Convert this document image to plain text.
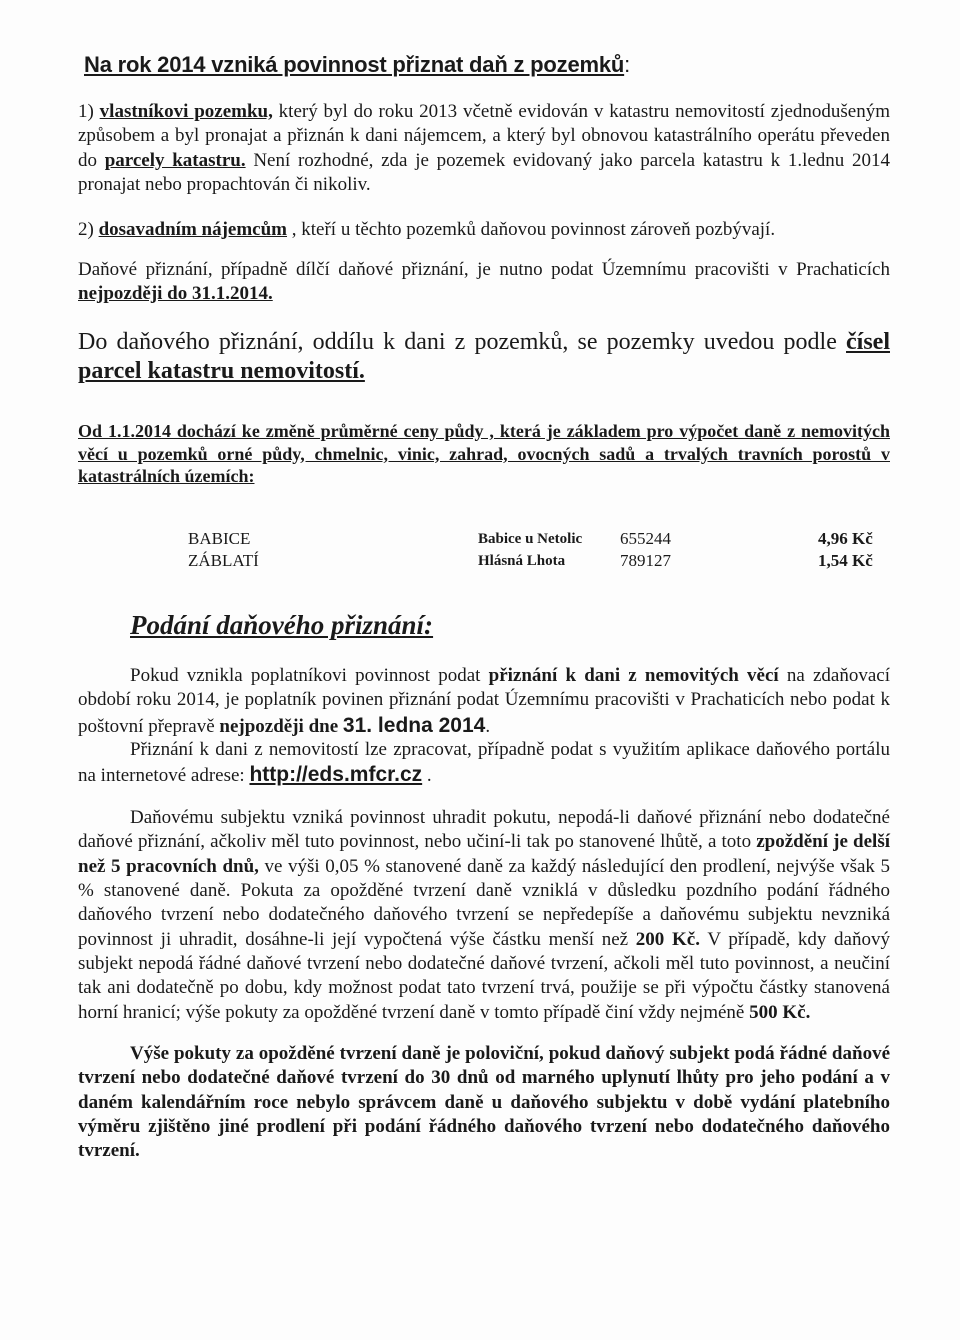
Na rok 2014 vzniká povinnost přiznat daň z pozemků:
1) vlastníkovi pozemku, který byl do roku 2013 včetně evidován v katastru nemovitostí zjednodušeným způsobem a byl pronajat a přiznán k dani nájemcem, a který byl obnovou katastrálního operátu převeden do parcely katastru. Není rozhodné, zda je pozemek evidovaný jako parcela katastru k 1.lednu 2014 pronajat nebo propachtován či nikoliv.
2) dosavadním nájemcům , kteří u těchto pozemků daňovou povinnost zároveň pozbývají.
Daňové přiznání, případně dílčí daňové přiznání, je nutno podat Územnímu pracovišti v Prachaticích nejpozději do 31.1.2014.
Do daňového přiznání, oddílu k dani z pozemků, se pozemky uvedou podle čísel parcel katastru nemovitostí.
Od 1.1.2014 dochází ke změně průměrné ceny půdy , která je základem pro výpočet daně z nemovitých věcí u pozemků orné půdy, chmelnic, vinic, zahrad, ovocných sadů a trvalých travních porostů v katastrálních územích:
BABICE	Babice u Netolic 655244	4,96 Kč
ZÁBLATÍ	Hlásná Lhota	789127	1,54 Kč
Podání daňového přiznání:
Pokud vznikla poplatníkovi povinnost podat přiznání k dani z nemovitých věcí na zdaňovací období roku 2014, je poplatník povinen přiznání podat Územnímu pracovišti v Prachaticích nebo podat k poštovní přepravě nejpozději dne 31. ledna 2014.
Přiznání k dani z nemovitostí lze zpracovat, případně podat s využitím aplikace daňového portálu na internetové adrese: http://eds.mfcr.cz .
Daňovému subjektu vzniká povinnost uhradit pokutu, nepodá-li daňové přiznání nebo dodatečné daňové přiznání, ačkoliv měl tuto povinnost, nebo učiní-li tak po stanovené lhůtě, a toto zpoždění je delší než 5 pracovních dnů, ve výši 0,05 % stanovené daně za každý následující den prodlení, nejvýše však 5 % stanovené daně. Pokuta za opožděné tvrzení daně vzniklá v důsledku pozdního podání řádného daňového tvrzení nebo dodatečného daňového tvrzení se nepředepíše a daňovému subjektu nevzniká povinnost ji uhradit, dosáhne-li její vypočtená výše částku menší než 200 Kč. V případě, kdy daňový subjekt nepodá řádné daňové tvrzení nebo dodatečné daňové tvrzení, ačkoli měl tuto povinnost, a neučiní tak ani dodatečně po dobu, kdy možnost podat tato tvrzení trvá, použije se při výpočtu částky stanovená horní hranicí; výše pokuty za opožděné tvrzení daně v tomto případě činí vždy nejméně 500 Kč.
Výše pokuty za opožděné tvrzení daně je poloviční, pokud daňový subjekt podá řádné daňové tvrzení nebo dodatečné daňové tvrzení do 30 dnů od marného uplynutí lhůty pro jeho podání a v daném kalendářním roce nebylo správcem daně u daňového subjektu v době vydání platebního výměru zjištěno jiné prodlení při podání řádného daňového tvrzení nebo dodatečného daňového tvrzení.
